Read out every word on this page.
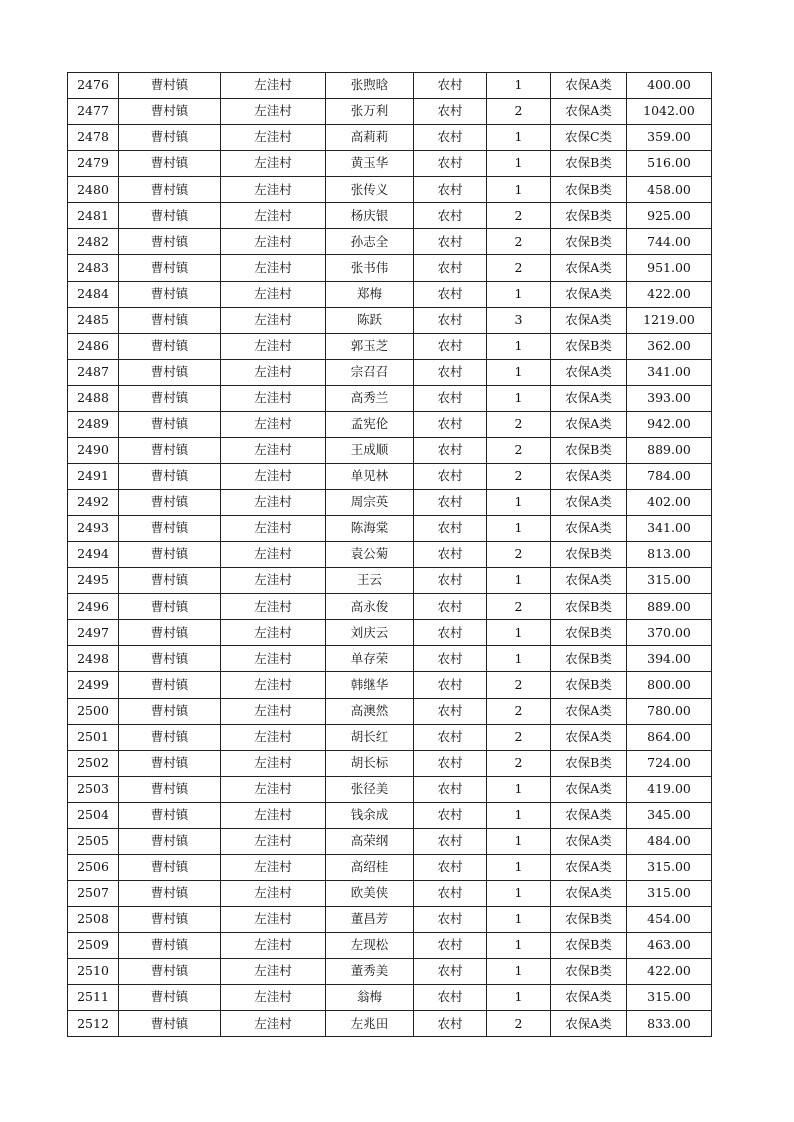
2476	曹村镇	左洼村	张煦晗	农村	1	农保A类	400.00
2477	曹村镇	左洼村	张万利	农村	2	农保A类	1042.00
2478	曹村镇	左洼村	高莉莉	农村	1	农保C类	359.00
2479	曹村镇	左洼村	黄玉华	农村	1	农保B类	516.00
2480	曹村镇	左洼村	张传义	农村	1	农保B类	458.00
2481	曹村镇	左洼村	杨庆银	农村	2	农保B类	925.00
2482	曹村镇	左洼村	孙志全	农村	2	农保B类	744.00
2483	曹村镇	左洼村	张书伟	农村	2	农保A类	951.00
2484	曹村镇	左洼村	郑梅	农村	1	农保A类	422.00
2485	曹村镇	左洼村	陈跃	农村	3	农保A类	1219.00
2486	曹村镇	左洼村	郭玉芝	农村	1	农保B类	362.00
2487	曹村镇	左洼村	宗召召	农村	1	农保A类	341.00
2488	曹村镇	左洼村	高秀兰	农村	1	农保A类	393.00
2489	曹村镇	左洼村	孟宪伦	农村	2	农保A类	942.00
2490	曹村镇	左洼村	王成顺	农村	2	农保B类	889.00
2491	曹村镇	左洼村	单见林	农村	2	农保A类	784.00
2492	曹村镇	左洼村	周宗英	农村	1	农保A类	402.00
2493	曹村镇	左洼村	陈海棠	农村	1	农保A类	341.00
2494	曹村镇	左洼村	袁公菊	农村	2	农保B类	813.00
2495	曹村镇	左洼村	王云	农村	1	农保A类	315.00
2496	曹村镇	左洼村	高永俊	农村	2	农保B类	889.00
2497	曹村镇	左洼村	刘庆云	农村	1	农保B类	370.00
2498	曹村镇	左洼村	单存荣	农村	1	农保B类	394.00
2499	曹村镇	左洼村	韩继华	农村	2	农保B类	800.00
2500	曹村镇	左洼村	高澳然	农村	2	农保A类	780.00
2501	曹村镇	左洼村	胡长红	农村	2	农保A类	864.00
2502	曹村镇	左洼村	胡长标	农村	2	农保B类	724.00
2503	曹村镇	左洼村	张径美	农村	1	农保A类	419.00
2504	曹村镇	左洼村	钱余成	农村	1	农保A类	345.00
2505	曹村镇	左洼村	高荣纲	农村	1	农保A类	484.00
2506	曹村镇	左洼村	高绍桂	农村	1	农保A类	315.00
2507	曹村镇	左洼村	欧美侠	农村	1	农保A类	315.00
2508	曹村镇	左洼村	董昌芳	农村	1	农保B类	454.00
2509	曹村镇	左洼村	左现松	农村	1	农保B类	463.00
2510	曹村镇	左洼村	董秀美	农村	1	农保B类	422.00
2511	曹村镇	左洼村	翁梅	农村	1	农保A类	315.00
2512	曹村镇	左洼村	左兆田	农村	2	农保A类	833.00
